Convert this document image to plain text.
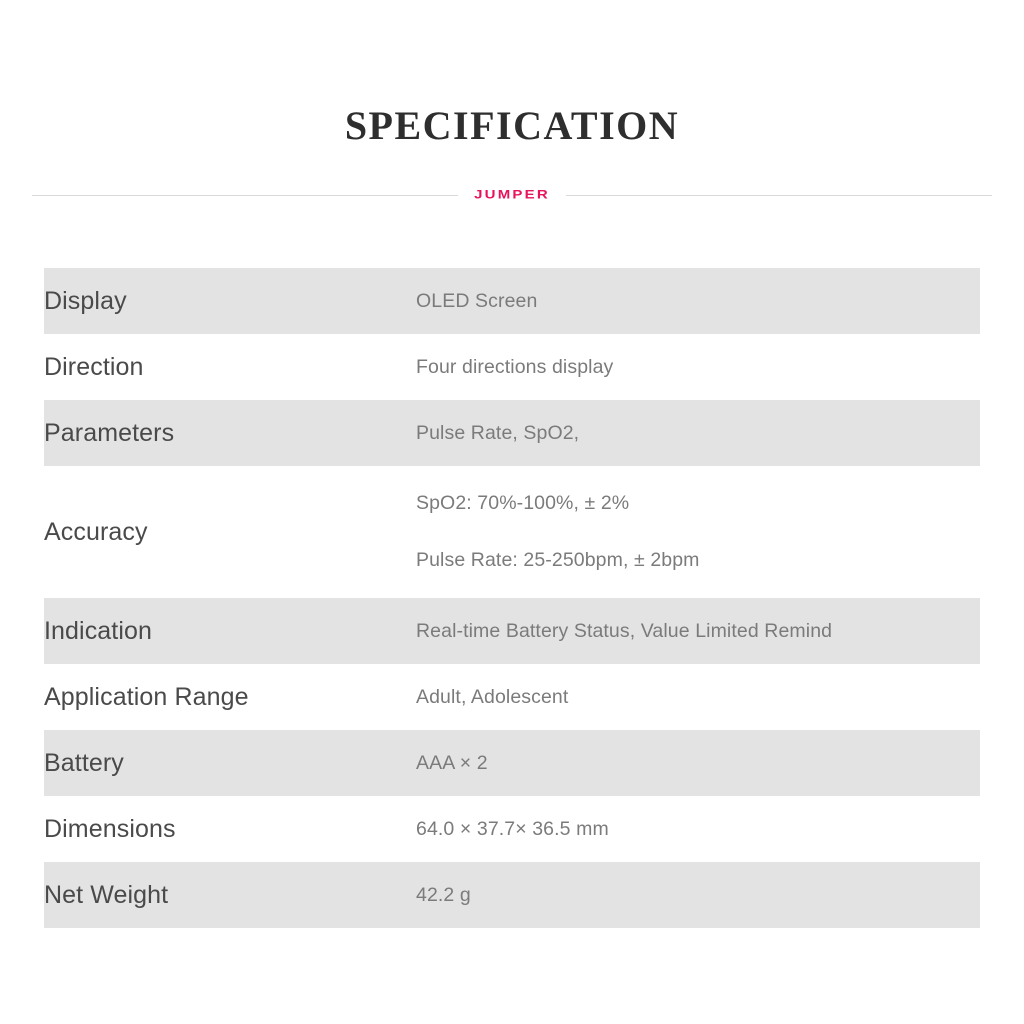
SPECIFICATION
JUMPER
Display	OLED Screen

Direction	Four directions display

Parameters	Pulse Rate, SpO2,

Accuracy	SpO2: 70%-100%, ± 2%
Pulse Rate: 25-250bpm, ± 2bpm

Indication	Real-time Battery Status, Value Limited Remind

Application Range	Adult, Adolescent

Battery	AAA × 2

Dimensions	64.0 × 37.7× 36.5 mm

Net Weight	42.2 g
